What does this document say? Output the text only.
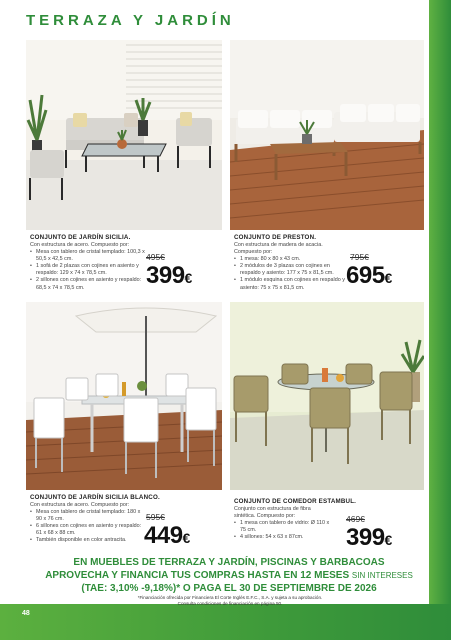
TERRAZA Y JARDÍN
CONJUNTO DE JARDÍN SICILIA.
Con estructura de acero. Compuesto por:
• Mesa con tablero de cristal templado: 100,3 x 50,5 x 42,5 cm.
• 1 sofá de 2 plazas con cojines en asiento y respaldo: 129 x 74 x 78,5 cm.
• 2 sillones con cojines en asiento y respaldo: 68,5 x 74 x 78,5 cm.
495€
399€
CONJUNTO DE PRESTON.
Con estructura de madera de acacia. Compuesto por:
• 1 mesa: 80 x 80 x 43 cm.
• 2 módulos de 3 plazas con cojines en respaldo y asiento: 177 x 75 x 81,5 cm.
• 1 módulo esquina con cojines en respaldo y asiento: 75 x 75 x 81,5 cm.
795€
695€
CONJUNTO DE JARDÍN SICILIA BLANCO.
Con estructura de acero. Compuesto por:
• Mesa con tablero de cristal templado: 180 x 90 x 76 cm.
• 6 sillones con cojines en asiento y respaldo: 61 x 68 x 88 cm.
• También disponible en color antracita.
595€
449€
CONJUNTO DE COMEDOR ESTAMBUL.
Conjunto con estructura de fibra sintética. Compuesto por:
• 1 mesa con tablero de vidrio: Ø 110 x 75 cm.
• 4 sillones: 54 x 63 x 87cm.
469€
399€
EN MUEBLES DE TERRAZA Y JARDÍN, PISCINAS Y BARBACOAS
APROVECHA Y FINANCIA TUS COMPRAS HASTA EN 12 MESES SIN INTERESES
(TAE: 3,10% -9,18%)* O PAGA EL 30 DE SEPTIEMBRE DE 2026
*Financiación ofrecida por Financiera El Corte Inglés E.F.C., S.A. y sujeta a su aprobación.
Consulta condiciones de financiación en página 50.
48
